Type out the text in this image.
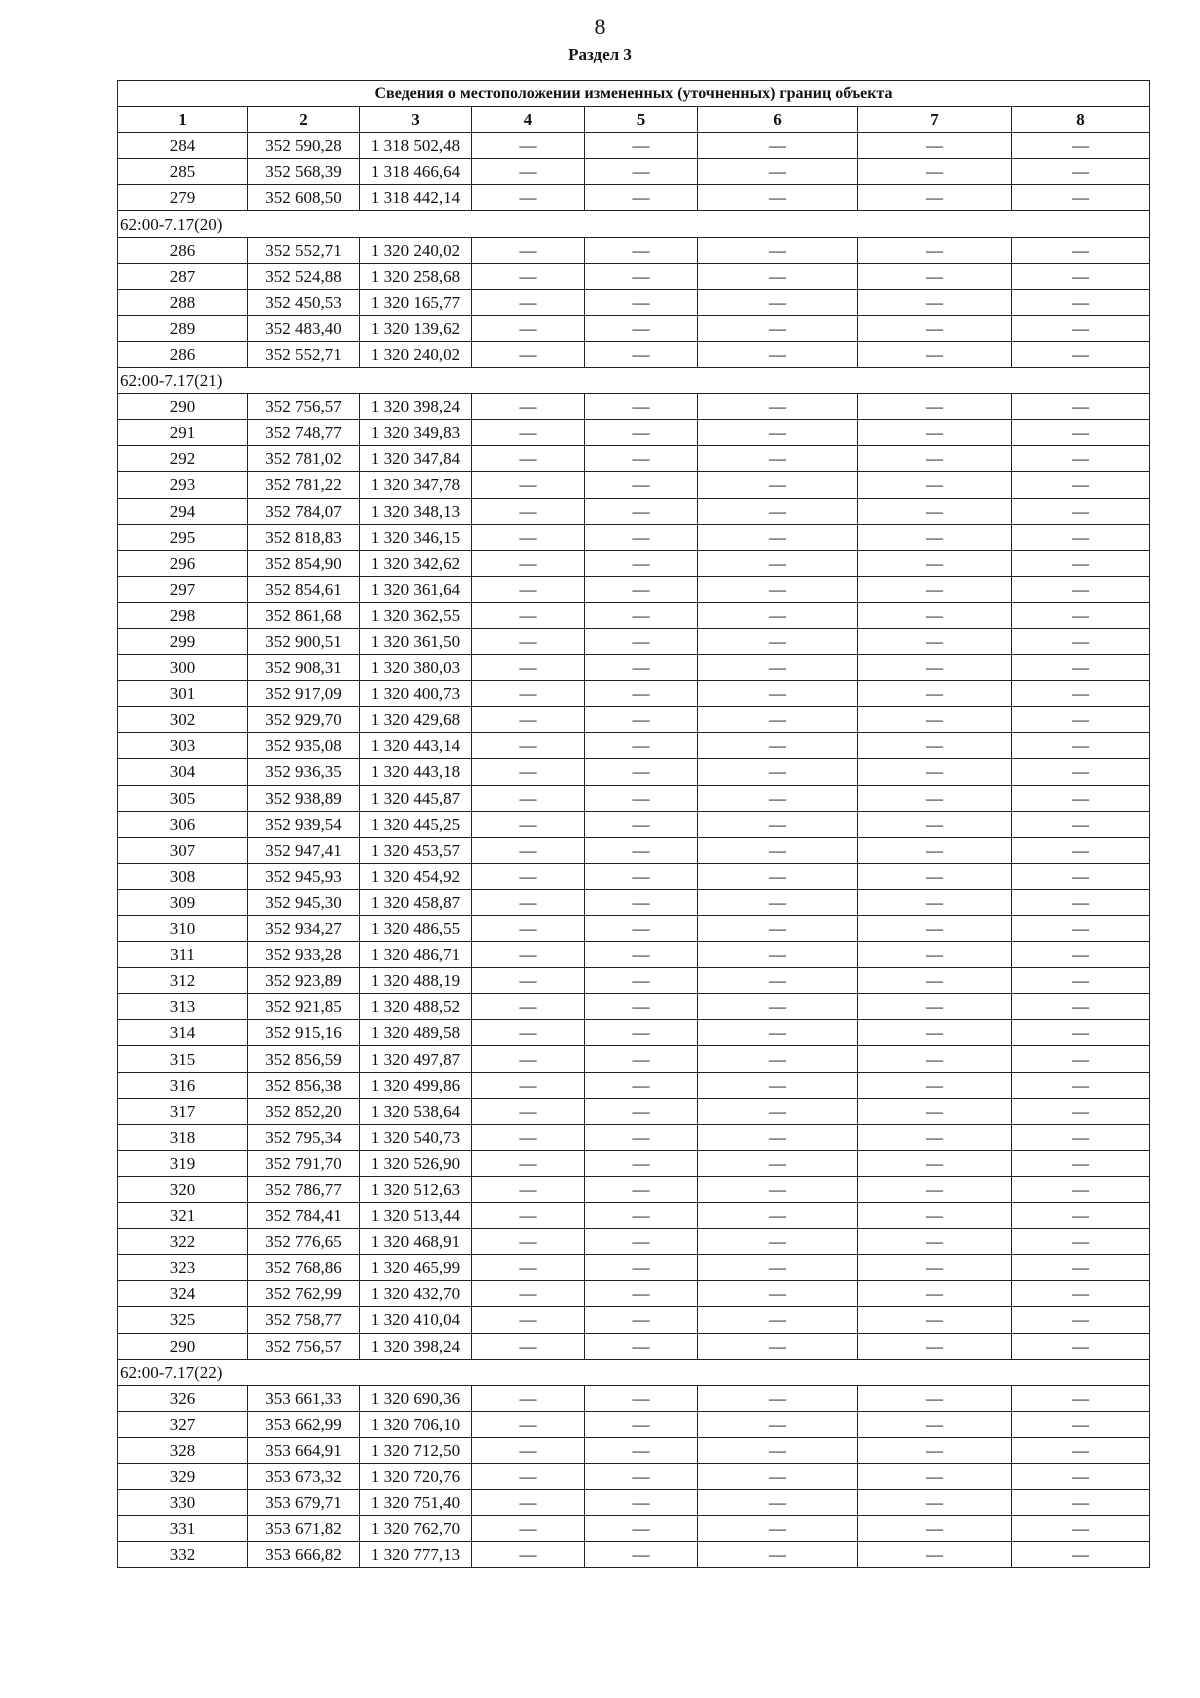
8
Раздел 3
Сведения о местоположении измененных (уточненных) границ объекта							
1	2	3	4	5	6	7	8
284	352 590,28	1 318 502,48	—	—	—	—	—
285	352 568,39	1 318 466,64	—	—	—	—	—
279	352 608,50	1 318 442,14	—	—	—	—	—
62:00-7.17(20)							
286	352 552,71	1 320 240,02	—	—	—	—	—
287	352 524,88	1 320 258,68	—	—	—	—	—
288	352 450,53	1 320 165,77	—	—	—	—	—
289	352 483,40	1 320 139,62	—	—	—	—	—
286	352 552,71	1 320 240,02	—	—	—	—	—
62:00-7.17(21)							
290	352 756,57	1 320 398,24	—	—	—	—	—
291	352 748,77	1 320 349,83	—	—	—	—	—
292	352 781,02	1 320 347,84	—	—	—	—	—
293	352 781,22	1 320 347,78	—	—	—	—	—
294	352 784,07	1 320 348,13	—	—	—	—	—
295	352 818,83	1 320 346,15	—	—	—	—	—
296	352 854,90	1 320 342,62	—	—	—	—	—
297	352 854,61	1 320 361,64	—	—	—	—	—
298	352 861,68	1 320 362,55	—	—	—	—	—
299	352 900,51	1 320 361,50	—	—	—	—	—
300	352 908,31	1 320 380,03	—	—	—	—	—
301	352 917,09	1 320 400,73	—	—	—	—	—
302	352 929,70	1 320 429,68	—	—	—	—	—
303	352 935,08	1 320 443,14	—	—	—	—	—
304	352 936,35	1 320 443,18	—	—	—	—	—
305	352 938,89	1 320 445,87	—	—	—	—	—
306	352 939,54	1 320 445,25	—	—	—	—	—
307	352 947,41	1 320 453,57	—	—	—	—	—
308	352 945,93	1 320 454,92	—	—	—	—	—
309	352 945,30	1 320 458,87	—	—	—	—	—
310	352 934,27	1 320 486,55	—	—	—	—	—
311	352 933,28	1 320 486,71	—	—	—	—	—
312	352 923,89	1 320 488,19	—	—	—	—	—
313	352 921,85	1 320 488,52	—	—	—	—	—
314	352 915,16	1 320 489,58	—	—	—	—	—
315	352 856,59	1 320 497,87	—	—	—	—	—
316	352 856,38	1 320 499,86	—	—	—	—	—
317	352 852,20	1 320 538,64	—	—	—	—	—
318	352 795,34	1 320 540,73	—	—	—	—	—
319	352 791,70	1 320 526,90	—	—	—	—	—
320	352 786,77	1 320 512,63	—	—	—	—	—
321	352 784,41	1 320 513,44	—	—	—	—	—
322	352 776,65	1 320 468,91	—	—	—	—	—
323	352 768,86	1 320 465,99	—	—	—	—	—
324	352 762,99	1 320 432,70	—	—	—	—	—
325	352 758,77	1 320 410,04	—	—	—	—	—
290	352 756,57	1 320 398,24	—	—	—	—	—
62:00-7.17(22)							
326	353 661,33	1 320 690,36	—	—	—	—	—
327	353 662,99	1 320 706,10	—	—	—	—	—
328	353 664,91	1 320 712,50	—	—	—	—	—
329	353 673,32	1 320 720,76	—	—	—	—	—
330	353 679,71	1 320 751,40	—	—	—	—	—
331	353 671,82	1 320 762,70	—	—	—	—	—
332	353 666,82	1 320 777,13	—	—	—	—	—
